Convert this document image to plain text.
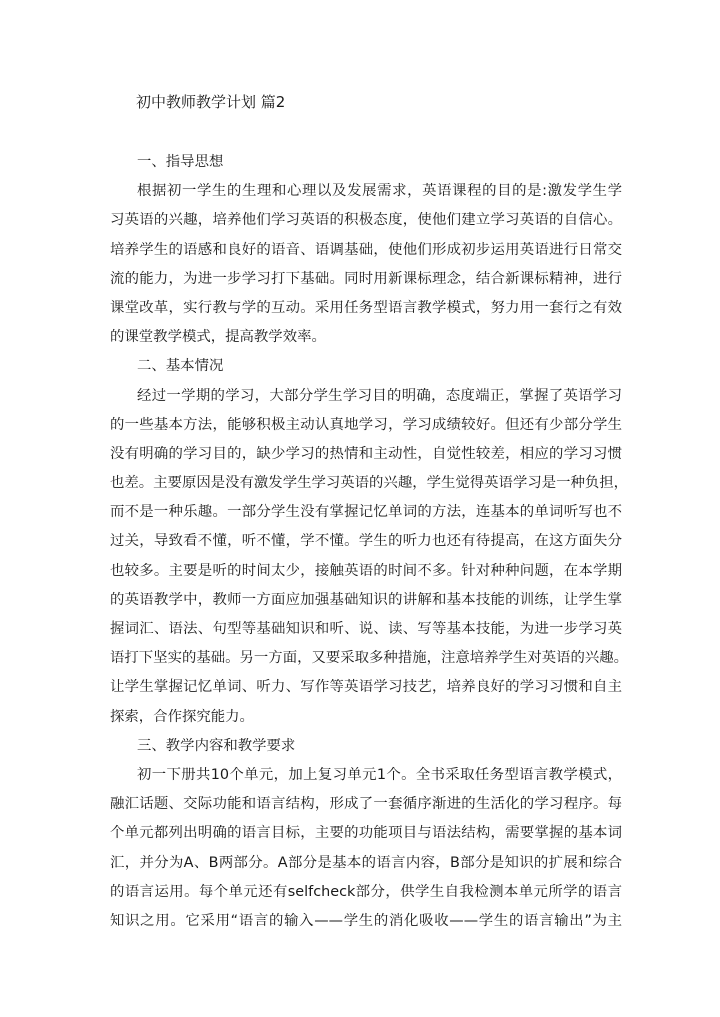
初中教师教学计划 篇2
一、指导思想
根据初一学生的生理和心理以及发展需求，英语课程的目的是:激发学生学
习英语的兴趣，培养他们学习英语的积极态度，使他们建立学习英语的自信心。
培养学生的语感和良好的语音、语调基础，使他们形成初步运用英语进行日常交
流的能力，为进一步学习打下基础。同时用新课标理念，结合新课标精神，进行
课堂改革，实行教与学的互动。采用任务型语言教学模式，努力用一套行之有效
的课堂教学模式，提高教学效率。
二、基本情况
经过一学期的学习，大部分学生学习目的明确，态度端正，掌握了英语学习
的一些基本方法，能够积极主动认真地学习，学习成绩较好。但还有少部分学生
没有明确的学习目的，缺少学习的热情和主动性，自觉性较差，相应的学习习惯
也差。主要原因是没有激发学生学习英语的兴趣，学生觉得英语学习是一种负担，
而不是一种乐趣。一部分学生没有掌握记忆单词的方法，连基本的单词听写也不
过关，导致看不懂，听不懂，学不懂。学生的听力也还有待提高，在这方面失分
也较多。主要是听的时间太少，接触英语的时间不多。针对种种问题，在本学期
的英语教学中，教师一方面应加强基础知识的讲解和基本技能的训练，让学生掌
握词汇、语法、句型等基础知识和听、说、读、写等基本技能，为进一步学习英
语打下坚实的基础。另一方面，又要采取多种措施，注意培养学生对英语的兴趣。
让学生掌握记忆单词、听力、写作等英语学习技艺，培养良好的学习习惯和自主
探索，合作探究能力。
三、教学内容和教学要求
初一下册共10个单元，加上复习单元1个。全书采取任务型语言教学模式，
融汇话题、交际功能和语言结构，形成了一套循序渐进的生活化的学习程序。每
个单元都列出明确的语言目标，主要的功能项目与语法结构，需要掌握的基本词
汇，并分为A、B两部分。A部分是基本的语言内容，B部分是知识的扩展和综合
的语言运用。每个单元还有selfcheck部分，供学生自我检测本单元所学的语言
知识之用。它采用“语言的输入——学生的消化吸收——学生的语言输出”为主
